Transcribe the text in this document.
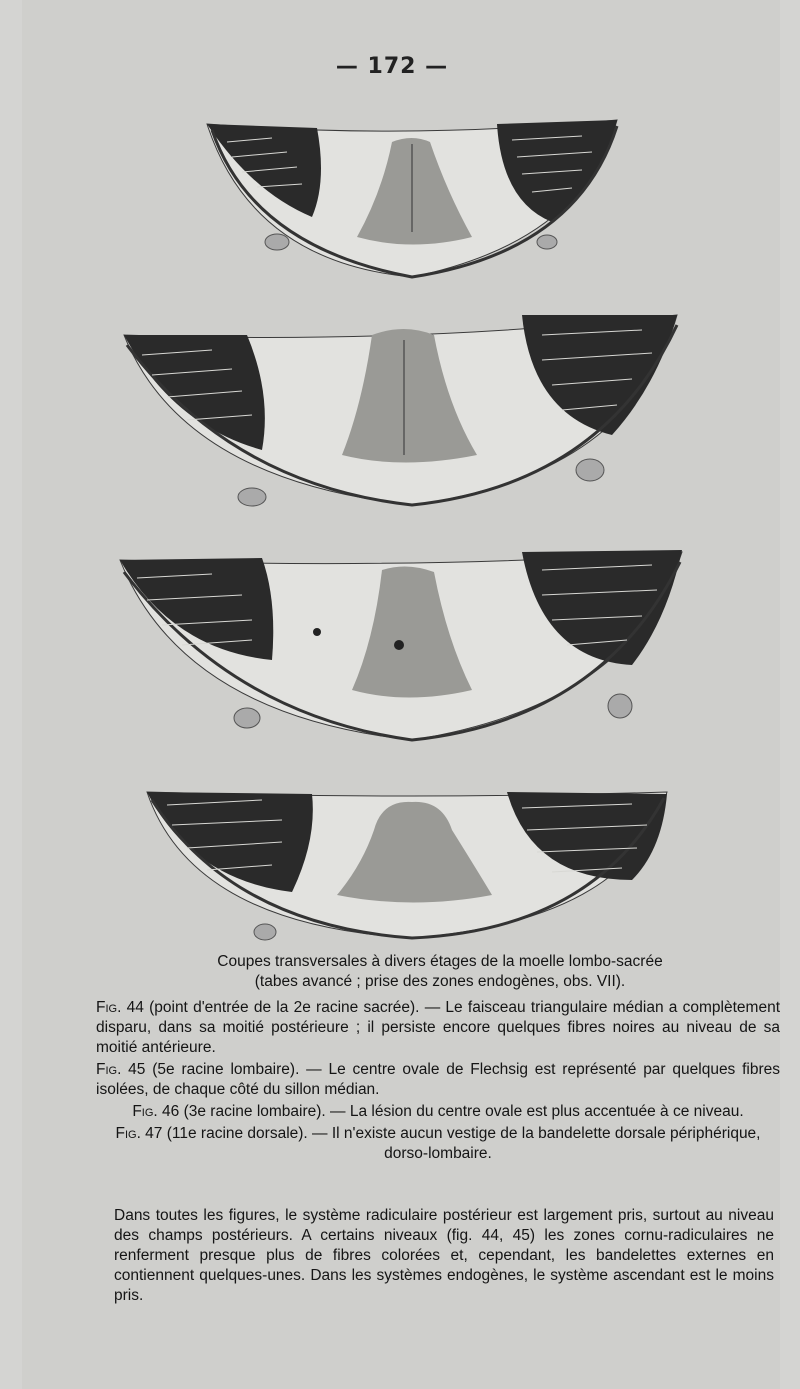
— 172 —
Coupes transversales à divers étages de la moelle lombo-sacrée
(tabes avancé ; prise des zones endogènes, obs. VII).

Fig. 44 (point d'entrée de la 2e racine sacrée). — Le faisceau triangulaire médian a complètement disparu, dans sa moitié postérieure ; il persiste encore quelques fibres noires au niveau de sa moitié antérieure.

Fig. 45 (5e racine lombaire). — Le centre ovale de Flechsig est représenté par quelques fibres isolées, de chaque côté du sillon médian.

Fig. 46 (3e racine lombaire). — La lésion du centre ovale est plus accentuée à ce niveau.

Fig. 47 (11e racine dorsale). — Il n'existe aucun vestige de la bandelette dorsale périphérique, dorso-lombaire.

Dans toutes les figures, le système radiculaire postérieur est largement pris, surtout au niveau des champs postérieurs. A certains niveaux (fig. 44, 45) les zones cornu-radiculaires ne renferment presque plus de fibres colorées et, cependant, les bandelettes externes en contiennent quelques-unes. Dans les systèmes endogènes, le système ascendant est le moins pris.
